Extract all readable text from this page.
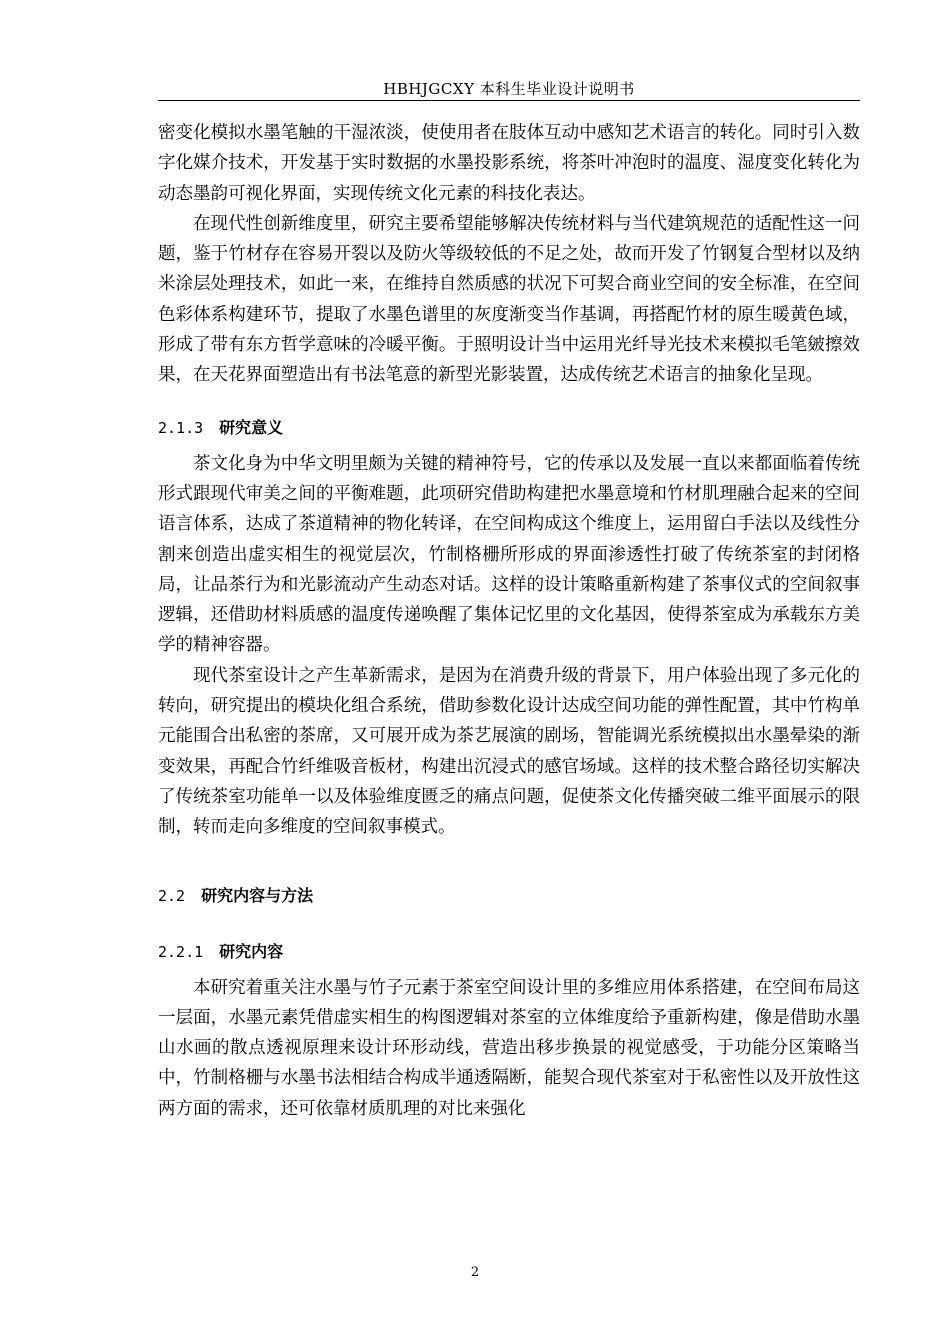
HBHJGCXY 本科生毕业设计说明书

密变化模拟水墨笔触的干湿浓淡，使使用者在肢体互动中感知艺术语言的转化。同时引入数字化媒介技术，开发基于实时数据的水墨投影系统，将茶叶冲泡时的温度、湿度变化转化为动态墨韵可视化界面，实现传统文化元素的科技化表达。

在现代性创新维度里，研究主要希望能够解决传统材料与当代建筑规范的适配性这一问题，鉴于竹材存在容易开裂以及防火等级较低的不足之处，故而开发了竹钢复合型材以及纳米涂层处理技术，如此一来，在维持自然质感的状况下可契合商业空间的安全标准，在空间色彩体系构建环节，提取了水墨色谱里的灰度渐变当作基调，再搭配竹材的原生暖黄色域，形成了带有东方哲学意味的冷暖平衡。于照明设计当中运用光纤导光技术来模拟毛笔皴擦效果，在天花界面塑造出有书法笔意的新型光影装置，达成传统艺术语言的抽象化呈现。

2.1.3 研究意义

茶文化身为中华文明里颇为关键的精神符号，它的传承以及发展一直以来都面临着传统形式跟现代审美之间的平衡难题，此项研究借助构建把水墨意境和竹材肌理融合起来的空间语言体系，达成了茶道精神的物化转译，在空间构成这个维度上，运用留白手法以及线性分割来创造出虚实相生的视觉层次，竹制格栅所形成的界面渗透性打破了传统茶室的封闭格局，让品茶行为和光影流动产生动态对话。这样的设计策略重新构建了茶事仪式的空间叙事逻辑，还借助材料质感的温度传递唤醒了集体记忆里的文化基因，使得茶室成为承载东方美学的精神容器。

现代茶室设计之产生革新需求，是因为在消费升级的背景下，用户体验出现了多元化的转向，研究提出的模块化组合系统，借助参数化设计达成空间功能的弹性配置，其中竹构单元能围合出私密的茶席，又可展开成为茶艺展演的剧场，智能调光系统模拟出水墨晕染的渐变效果，再配合竹纤维吸音板材，构建出沉浸式的感官场域。这样的技术整合路径切实解决了传统茶室功能单一以及体验维度匮乏的痛点问题，促使茶文化传播突破二维平面展示的限制，转而走向多维度的空间叙事模式。

2.2 研究内容与方法
2.2.1 研究内容

本研究着重关注水墨与竹子元素于茶室空间设计里的多维应用体系搭建，在空间布局这一层面，水墨元素凭借虚实相生的构图逻辑对茶室的立体维度给予重新构建，像是借助水墨山水画的散点透视原理来设计环形动线，营造出移步换景的视觉感受，于功能分区策略当中，竹制格栅与水墨书法相结合构成半通透隔断，能契合现代茶室对于私密性以及开放性这两方面的需求，还可依靠材质肌理的对比来强化

2
